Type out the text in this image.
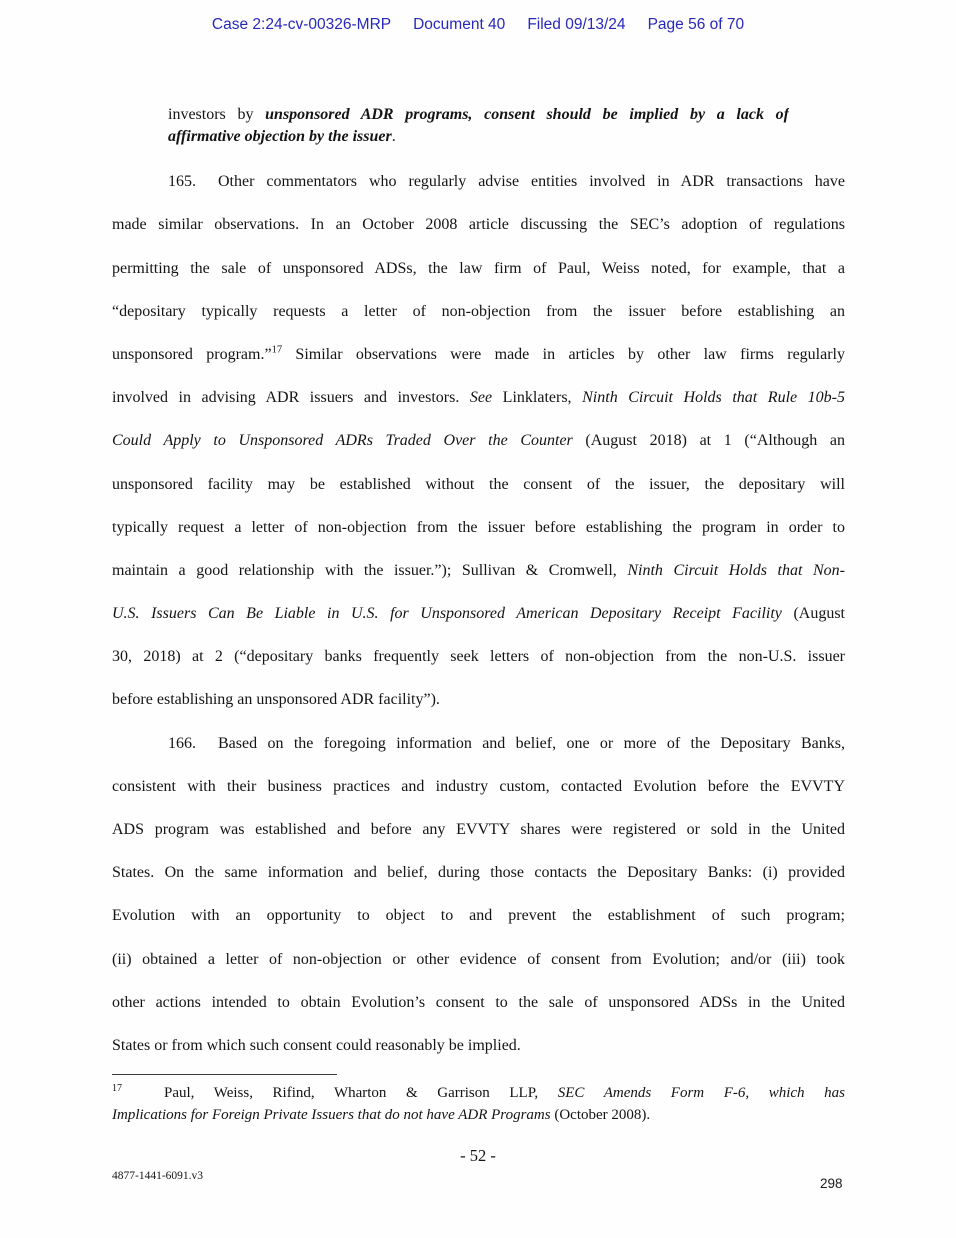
Case 2:24-cv-00326-MRP Document 40 Filed 09/13/24 Page 56 of 70
investors by unsponsored ADR programs, consent should be implied by a lack of
affirmative objection by the issuer.
165. Other commentators who regularly advise entities involved in ADR transactions have
made similar observations. In an October 2008 article discussing the SEC’s adoption of regulations
permitting the sale of unsponsored ADSs, the law firm of Paul, Weiss noted, for example, that a
“depositary typically requests a letter of non-objection from the issuer before establishing an
unsponsored program.”$^{17}$ Similar observations were made in articles by other law firms regularly
involved in advising ADR issuers and investors. See Linklaters, Ninth Circuit Holds that Rule 10b-5
Could Apply to Unsponsored ADRs Traded Over the Counter (August 2018) at 1 (“Although an
unsponsored facility may be established without the consent of the issuer, the depositary will
typically request a letter of non-objection from the issuer before establishing the program in order to
maintain a good relationship with the issuer.”); Sullivan & Cromwell, Ninth Circuit Holds that Non-
U.S. Issuers Can Be Liable in U.S. for Unsponsored American Depositary Receipt Facility (August
30, 2018) at 2 (“depositary banks frequently seek letters of non-objection from the non-U.S. issuer
before establishing an unsponsored ADR facility”).
166. Based on the foregoing information and belief, one or more of the Depositary Banks,
consistent with their business practices and industry custom, contacted Evolution before the EVVTY
ADS program was established and before any EVVTY shares were registered or sold in the United
States. On the same information and belief, during those contacts the Depositary Banks: (i) provided
Evolution with an opportunity to object to and prevent the establishment of such program;
(ii) obtained a letter of non-objection or other evidence of consent from Evolution; and/or (iii) took
other actions intended to obtain Evolution’s consent to the sale of unsponsored ADSs in the United
States or from which such consent could reasonably be implied.
$^{17}$	Paul, Weiss, Rifind, Wharton & Garrison LLP, SEC Amends Form F-6, which has
Implications for Foreign Private Issuers that do not have ADR Programs (October 2008).
- 52 -
4877-1441-6091.v3	298
